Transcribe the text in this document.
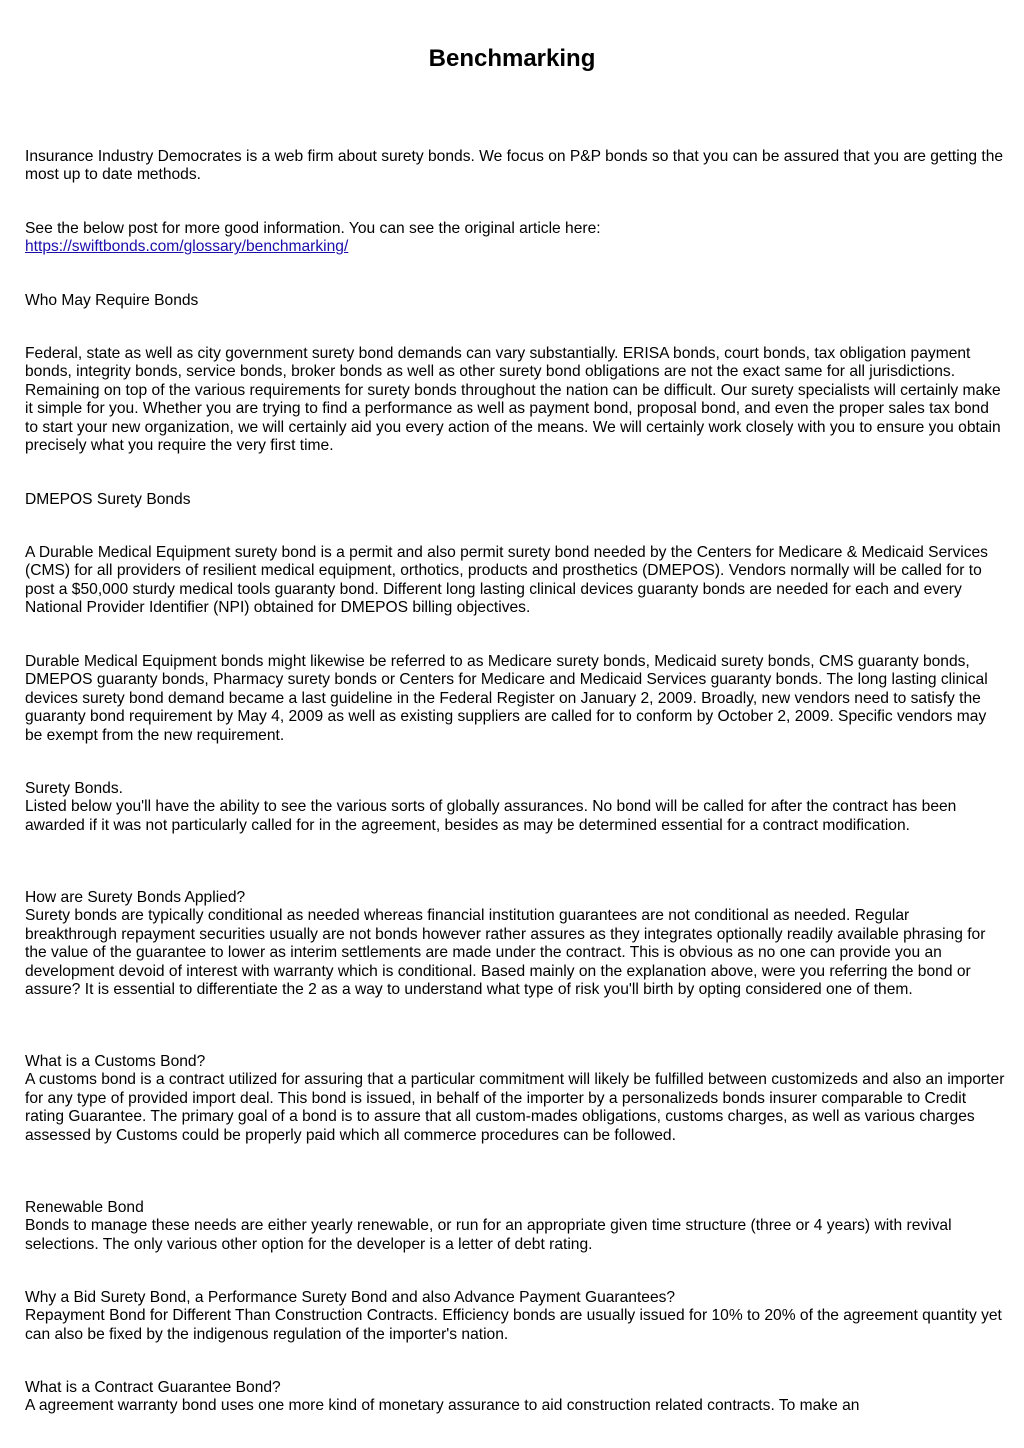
Benchmarking

Insurance Industry Democrates is a web firm about surety bonds. We focus on P&P bonds so that you can be assured that you are getting the most up to date methods.

See the below post for more good information. You can see the original article here:
https://swiftbonds.com/glossary/benchmarking/

Who May Require Bonds

Federal, state as well as city government surety bond demands can vary substantially. ERISA bonds, court bonds, tax obligation payment bonds, integrity bonds, service bonds, broker bonds as well as other surety bond obligations are not the exact same for all jurisdictions. Remaining on top of the various requirements for surety bonds throughout the nation can be difficult. Our surety specialists will certainly make it simple for you. Whether you are trying to find a performance as well as payment bond, proposal bond, and even the proper sales tax bond to start your new organization, we will certainly aid you every action of the means. We will certainly work closely with you to ensure you obtain precisely what you require the very first time.

DMEPOS Surety Bonds

A Durable Medical Equipment surety bond is a permit and also permit surety bond needed by the Centers for Medicare & Medicaid Services (CMS) for all providers of resilient medical equipment, orthotics, products and prosthetics (DMEPOS). Vendors normally will be called for to post a $50,000 sturdy medical tools guaranty bond. Different long lasting clinical devices guaranty bonds are needed for each and every National Provider Identifier (NPI) obtained for DMEPOS billing objectives.

Durable Medical Equipment bonds might likewise be referred to as Medicare surety bonds, Medicaid surety bonds, CMS guaranty bonds, DMEPOS guaranty bonds, Pharmacy surety bonds or Centers for Medicare and Medicaid Services guaranty bonds. The long lasting clinical devices surety bond demand became a last guideline in the Federal Register on January 2, 2009. Broadly, new vendors need to satisfy the guaranty bond requirement by May 4, 2009 as well as existing suppliers are called for to conform by October 2, 2009. Specific vendors may be exempt from the new requirement.

Surety Bonds.
Listed below you'll have the ability to see the various sorts of globally assurances. No bond will be called for after the contract has been awarded if it was not particularly called for in the agreement, besides as may be determined essential for a contract modification.
How are Surety Bonds Applied?
Surety bonds are typically conditional as needed whereas financial institution guarantees are not conditional as needed. Regular breakthrough repayment securities usually are not bonds however rather assures as they integrates optionally readily available phrasing for the value of the guarantee to lower as interim settlements are made under the contract. This is obvious as no one can provide you an development devoid of interest with warranty which is conditional. Based mainly on the explanation above, were you referring the bond or assure? It is essential to differentiate the 2 as a way to understand what type of risk you'll birth by opting considered one of them.
What is a Customs Bond?
A customs bond is a contract utilized for assuring that a particular commitment will likely be fulfilled between customizeds and also an importer for any type of provided import deal. This bond is issued, in behalf of the importer by a personalizeds bonds insurer comparable to Credit rating Guarantee. The primary goal of a bond is to assure that all custom-mades obligations, customs charges, as well as various charges assessed by Customs could be properly paid which all commerce procedures can be followed.
Renewable Bond
Bonds to manage these needs are either yearly renewable, or run for an appropriate given time structure (three or 4 years) with revival selections. The only various other option for the developer is a letter of debt rating.
Why a Bid Surety Bond, a Performance Surety Bond and also Advance Payment Guarantees?
Repayment Bond for Different Than Construction Contracts. Efficiency bonds are usually issued for 10% to 20% of the agreement quantity yet can also be fixed by the indigenous regulation of the importer's nation.
What is a Contract Guarantee Bond?
A agreement warranty bond uses one more kind of monetary assurance to aid construction related contracts. To make an
